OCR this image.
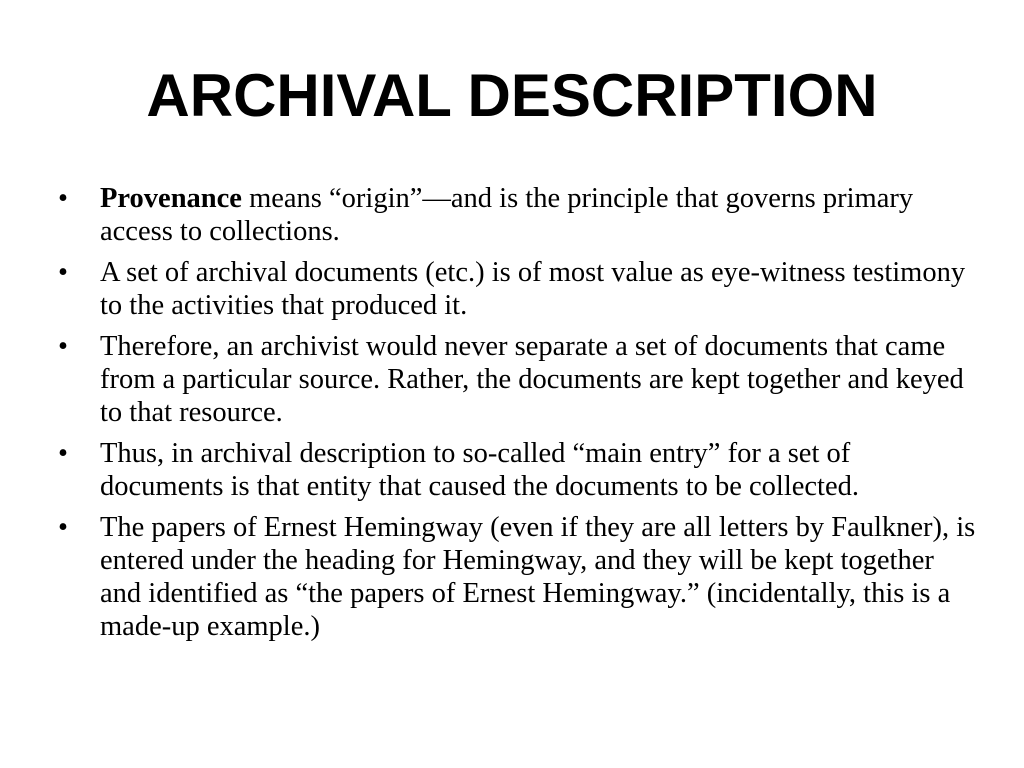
ARCHIVAL DESCRIPTION
•	Provenance means “origin”—and is the principle that governs primary access to collections.
•	A set of archival documents (etc.) is of most value as eye-witness testimony to the activities that produced it.
•	Therefore, an archivist would never separate a set of documents that came from a particular source. Rather, the documents are kept together and keyed to that resource.
•	Thus, in archival description to so-called “main entry” for a set of documents is that entity that caused the documents to be collected.
•	The papers of Ernest Hemingway (even if they are all letters by Faulkner), is entered under the heading for Hemingway, and they will be kept together and identified as “the papers of Ernest Hemingway.” (incidentally, this is a made-up example.)
